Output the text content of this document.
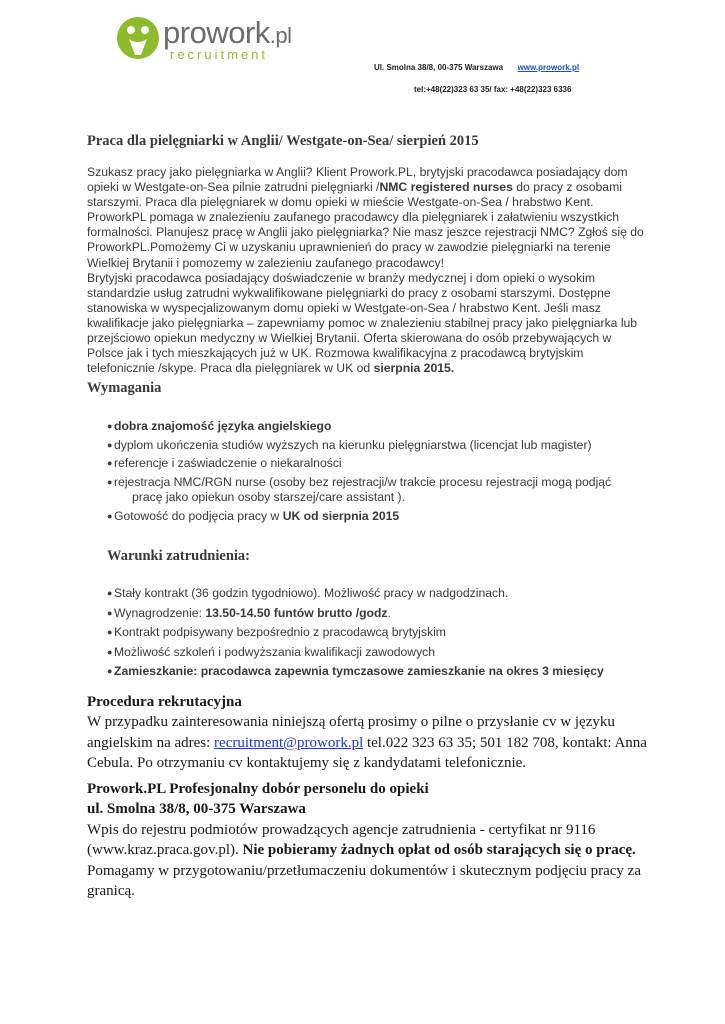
prowork.pl
recruitment
Ul. Smolna 38/8, 00-375 Warszawa www.prowork.pl
tel:+48(22)323 63 35/ fax: +48(22)323 6336
Praca dla pielęgniarki w Anglii/ Westgate-on-Sea/ sierpień 2015

Szukasz pracy jako pielęgniarka w Anglii? Klient Prowork.PL, brytyjski pracodawca posiadający dom opieki w Westgate-on-Sea pilnie zatrudni pielęgniarki /NMC registered nurses do pracy z osobami starszymi. Praca dla pielęgniarek w domu opieki w mieście Westgate-on-Sea / hrabstwo Kent. ProworkPL pomaga w znalezieniu zaufanego pracodawcy dla pielęgniarek i załatwieniu wszystkich formalności. Planujesz pracę w Anglii jako pielęgniarka? Nie masz jeszce rejestracji NMC? Zgłoś się do ProworkPL.Pomożemy Ci w uzyskaniu uprawnienień do pracy w zawodzie pielęgniarki na terenie Wielkiej Brytanii i pomozemy w zalezieniu zaufanego pracodawcy!
Brytyjski pracodawca posiadający doświadczenie w branży medycznej i dom opieki o wysokim standardzie usług zatrudni wykwalifikowane pielęgniarki do pracy z osobami starszymi. Dostępne stanowiska w wyspecjalizowanym domu opieki w Westgate-on-Sea / hrabstwo Kent. Jeśli masz kwalifikacje jako pielęgniarka – zapewniamy pomoc w znalezieniu stabilnej pracy jako pielęgniarka lub przejściowo opiekun medyczny w Wielkiej Brytanii. Oferta skierowana do osób przebywających w Polsce jak i tych mieszkających już w UK. Rozmowa kwalifikacyjna z pracodawcą brytyjskim telefonicznie /skype. Praca dla pielęgniarek w UK od sierpnia 2015.

Wymagania
● dobra znajomość języka angielskiego
● dyplom ukończenia studiów wyższych na kierunku pielęgniarstwa (licencjat lub magister)
● referencje i zaświadczenie o niekaralności
● rejestracja NMC/RGN nurse (osoby bez rejestracji/w trakcie procesu rejestracji mogą podjąć
pracę jako opiekun osoby starszej/care assistant ).
● Gotowość do podjęcia pracy w UK od sierpnia 2015
Warunki zatrudnienia:
● Stały kontrakt (36 godzin tygodniowo). Możliwość pracy w nadgodzinach.
● Wynagrodzenie: 13.50-14.50 funtów brutto /godz.
● Kontrakt podpisywany bezpośrednio z pracodawcą brytyjskim
● Możliwość szkoleń i podwyższania kwalifikacji zawodowych
● Zamieszkanie: pracodawca zapewnia tymczasowe zamieszkanie na okres 3 miesięcy
Procedura rekrutacyjna
W przypadku zainteresowania niniejszą ofertą prosimy o pilne o przysłanie cv w języku angielskim na adres: recruitment@prowork.pl tel.022 323 63 35; 501 182 708, kontakt: Anna Cebula. Po otrzymaniu cv kontaktujemy się z kandydatami telefonicznie.
Prowork.PL Profesjonalny dobór personelu do opieki
ul. Smolna 38/8, 00-375 Warszawa
Wpis do rejestru podmiotów prowadzących agencje zatrudnienia - certyfikat nr 9116 (www.kraz.praca.gov.pl). Nie pobieramy żadnych opłat od osób starających się o pracę.
Pomagamy w przygotowaniu/przetłumaczeniu dokumentów i skutecznym podjęciu pracy za granicą.
